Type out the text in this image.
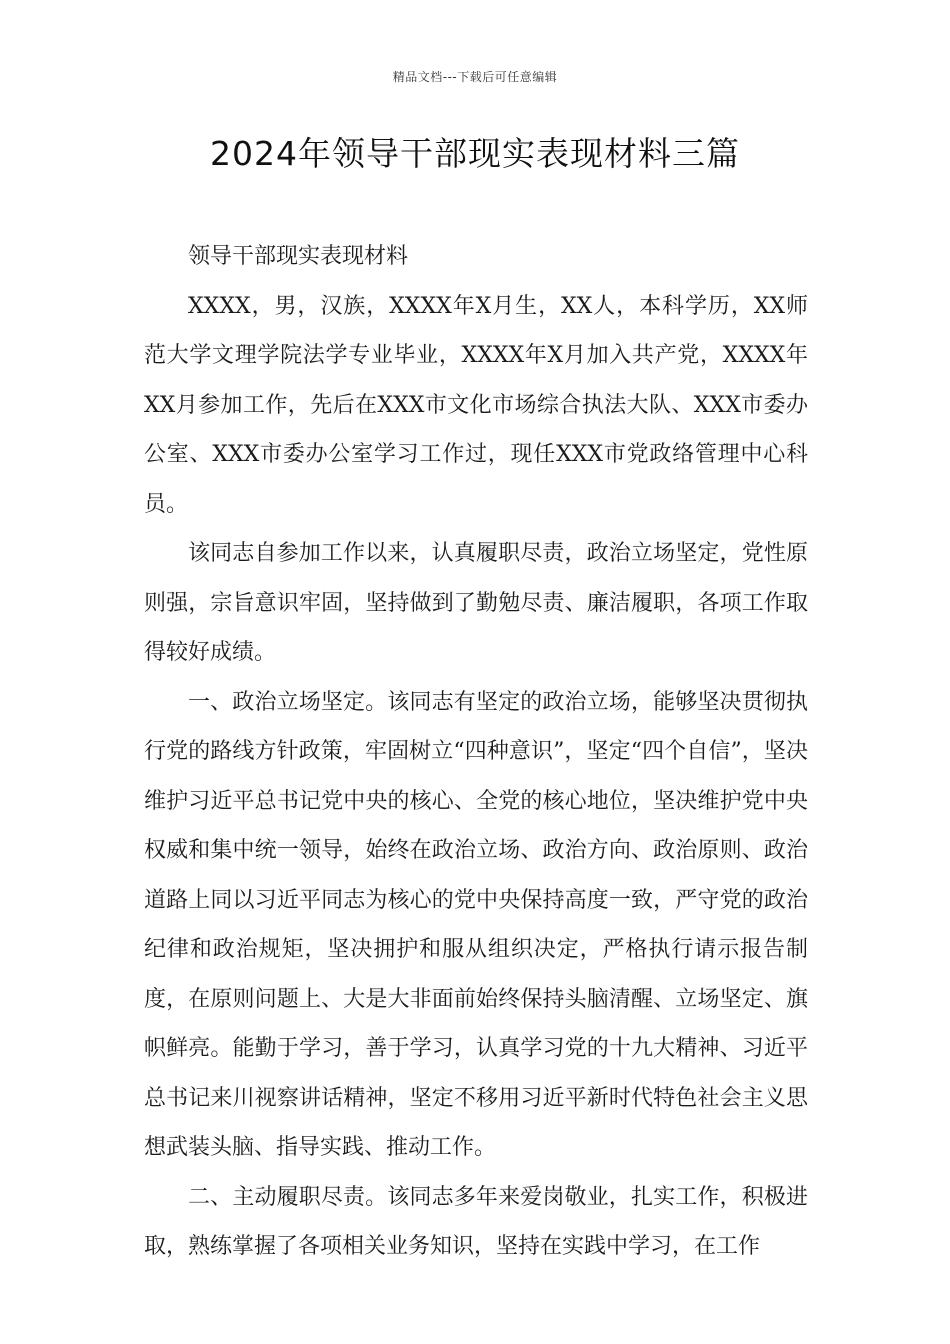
精品文档---下载后可任意编辑
2024年领导干部现实表现材料三篇

领导干部现实表现材料

XXXX，男，汉族，XXXX年X月生，XX人，本科学历，XX师范大学文理学院法学专业毕业，XXXX年X月加入共产党，XXXX年XX月参加工作，先后在XXX市文化市场综合执法大队、XXX市委办公室、XXX市委办公室学习工作过，现任XXX市党政络管理中心科员。

该同志自参加工作以来，认真履职尽责，政治立场坚定，党性原则强，宗旨意识牢固，坚持做到了勤勉尽责、廉洁履职，各项工作取得较好成绩。

一、政治立场坚定。该同志有坚定的政治立场，能够坚决贯彻执行党的路线方针政策，牢固树立“四种意识”，坚定“四个自信”，坚决维护习近平总书记党中央的核心、全党的核心地位，坚决维护党中央权威和集中统一领导，始终在政治立场、政治方向、政治原则、政治道路上同以习近平同志为核心的党中央保持高度一致，严守党的政治纪律和政治规矩，坚决拥护和服从组织决定，严格执行请示报告制度，在原则问题上、大是大非面前始终保持头脑清醒、立场坚定、旗帜鲜亮。能勤于学习，善于学习，认真学习党的十九大精神、习近平总书记来川视察讲话精神，坚定不移用习近平新时代特色社会主义思想武装头脑、指导实践、推动工作。

二、主动履职尽责。该同志多年来爱岗敬业，扎实工作，积极进取，熟练掌握了各项相关业务知识，坚持在实践中学习，在工作
